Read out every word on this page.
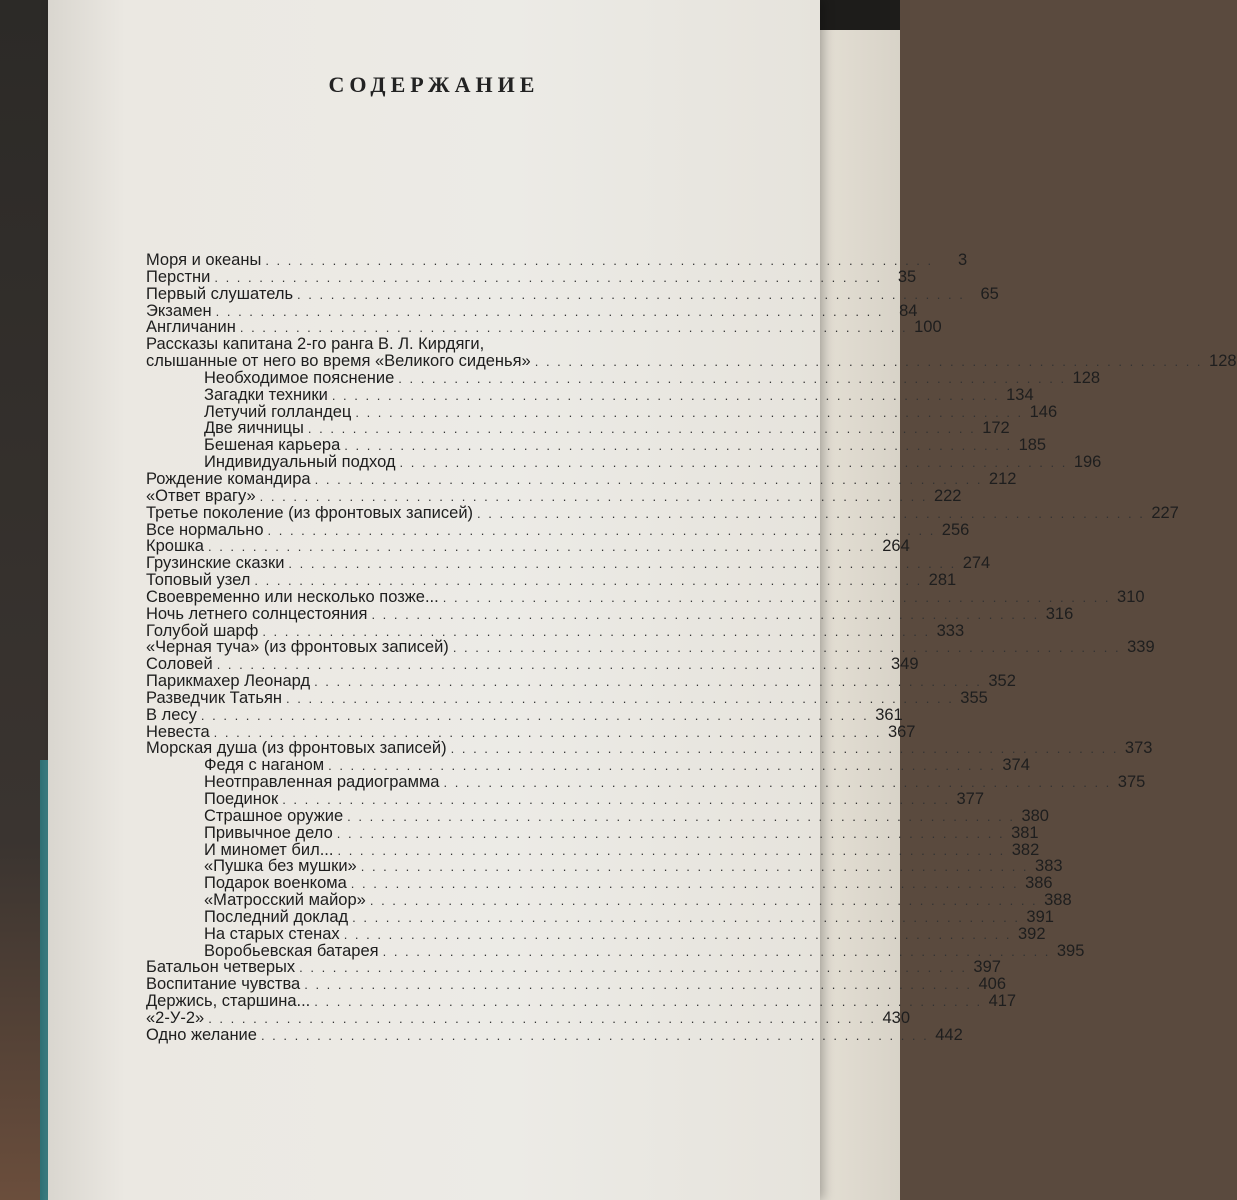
СОДЕРЖАНИЕ
Моря и океаны . . . . . . . . . . . . . . . . . . . . . . . . . . . . . . . . . . . . . . . . . . . . . . . . . . . . . . . . . . . .	3
Перстни . . . . . . . . . . . . . . . . . . . . . . . . . . . . . . . . . . . . . . . . . . . . . . . . . . . . . . . . . . . . 35
Первый слушатель . . . . . . . . . . . . . . . . . . . . . . . . . . . . . . . . . . . . . . . . . . . . . . . . . . . . . . . . . . . . 65
Экзамен . . . . . . . . . . . . . . . . . . . . . . . . . . . . . . . . . . . . . . . . . . . . . . . . . . . . . . . . . . . . 84
Англичанин . . . . . . . . . . . . . . . . . . . . . . . . . . . . . . . . . . . . . . . . . . . . . . . . . . . . . . . . . . . . 100
Рассказы капитана 2-го ранга В. Л. Кирдяги,
слышанные от него во время «Великого сиденья» . . . . . . . . . . . . . . . . . . . . . . . . . . . . . . . . . . . . . . . . . . . . . . . . . . . . . . . . . . . . 128
Необходимое пояснение . . . . . . . . . . . . . . . . . . . . . . . . . . . . . . . . . . . . . . . . . . . . . . . . . . . . . . . . . . . . 128
Загадки техники . . . . . . . . . . . . . . . . . . . . . . . . . . . . . . . . . . . . . . . . . . . . . . . . . . . . . . . . . . . . 134
Летучий голландец . . . . . . . . . . . . . . . . . . . . . . . . . . . . . . . . . . . . . . . . . . . . . . . . . . . . . . . . . . . . 146
Две яичницы . . . . . . . . . . . . . . . . . . . . . . . . . . . . . . . . . . . . . . . . . . . . . . . . . . . . . . . . . . . . 172
Бешеная карьера . . . . . . . . . . . . . . . . . . . . . . . . . . . . . . . . . . . . . . . . . . . . . . . . . . . . . . . . . . . . 185
Индивидуальный подход . . . . . . . . . . . . . . . . . . . . . . . . . . . . . . . . . . . . . . . . . . . . . . . . . . . . . . . . . . . . 196
Рождение командира . . . . . . . . . . . . . . . . . . . . . . . . . . . . . . . . . . . . . . . . . . . . . . . . . . . . . . . . . . . . 212
«Ответ врагу» . . . . . . . . . . . . . . . . . . . . . . . . . . . . . . . . . . . . . . . . . . . . . . . . . . . . . . . . . . . . 222
Третье поколение (из фронтовых записей) . . . . . . . . . . . . . . . . . . . . . . . . . . . . . . . . . . . . . . . . . . . . . . . . . . . . . . . . . . . . 227
Все нормально . . . . . . . . . . . . . . . . . . . . . . . . . . . . . . . . . . . . . . . . . . . . . . . . . . . . . . . . . . . . 256
Крошка . . . . . . . . . . . . . . . . . . . . . . . . . . . . . . . . . . . . . . . . . . . . . . . . . . . . . . . . . . . . 264
Грузинские сказки . . . . . . . . . . . . . . . . . . . . . . . . . . . . . . . . . . . . . . . . . . . . . . . . . . . . . . . . . . . . 274
Топовый узел . . . . . . . . . . . . . . . . . . . . . . . . . . . . . . . . . . . . . . . . . . . . . . . . . . . . . . . . . . . . 281
Своевременно или несколько позже... . . . . . . . . . . . . . . . . . . . . . . . . . . . . . . . . . . . . . . . . . . . . . . . . . . . . . . . . . . . . 310
Ночь летнего солнцестояния . . . . . . . . . . . . . . . . . . . . . . . . . . . . . . . . . . . . . . . . . . . . . . . . . . . . . . . . . . . . 316
Голубой шарф . . . . . . . . . . . . . . . . . . . . . . . . . . . . . . . . . . . . . . . . . . . . . . . . . . . . . . . . . . . . 333
«Черная туча» (из фронтовых записей) . . . . . . . . . . . . . . . . . . . . . . . . . . . . . . . . . . . . . . . . . . . . . . . . . . . . . . . . . . . . 339
Соловей . . . . . . . . . . . . . . . . . . . . . . . . . . . . . . . . . . . . . . . . . . . . . . . . . . . . . . . . . . . . 349
Парикмахер Леонард . . . . . . . . . . . . . . . . . . . . . . . . . . . . . . . . . . . . . . . . . . . . . . . . . . . . . . . . . . . . 352
Разведчик Татьян . . . . . . . . . . . . . . . . . . . . . . . . . . . . . . . . . . . . . . . . . . . . . . . . . . . . . . . . . . . . 355
В лесу . . . . . . . . . . . . . . . . . . . . . . . . . . . . . . . . . . . . . . . . . . . . . . . . . . . . . . . . . . . . 361
Невеста . . . . . . . . . . . . . . . . . . . . . . . . . . . . . . . . . . . . . . . . . . . . . . . . . . . . . . . . . . . . 367
Морская душа (из фронтовых записей) . . . . . . . . . . . . . . . . . . . . . . . . . . . . . . . . . . . . . . . . . . . . . . . . . . . . . . . . . . . . 373
Федя с наганом . . . . . . . . . . . . . . . . . . . . . . . . . . . . . . . . . . . . . . . . . . . . . . . . . . . . . . . . . . . . 374
Неотправленная радиограмма . . . . . . . . . . . . . . . . . . . . . . . . . . . . . . . . . . . . . . . . . . . . . . . . . . . . . . . . . . . . 375
Поединок . . . . . . . . . . . . . . . . . . . . . . . . . . . . . . . . . . . . . . . . . . . . . . . . . . . . . . . . . . . . 377
Страшное оружие . . . . . . . . . . . . . . . . . . . . . . . . . . . . . . . . . . . . . . . . . . . . . . . . . . . . . . . . . . . . 380
Привычное дело . . . . . . . . . . . . . . . . . . . . . . . . . . . . . . . . . . . . . . . . . . . . . . . . . . . . . . . . . . . . 381
И миномет бил... . . . . . . . . . . . . . . . . . . . . . . . . . . . . . . . . . . . . . . . . . . . . . . . . . . . . . . . . . . . . 382
«Пушка без мушки» . . . . . . . . . . . . . . . . . . . . . . . . . . . . . . . . . . . . . . . . . . . . . . . . . . . . . . . . . . . . 383
Подарок военкома . . . . . . . . . . . . . . . . . . . . . . . . . . . . . . . . . . . . . . . . . . . . . . . . . . . . . . . . . . . . 386
«Матросский майор» . . . . . . . . . . . . . . . . . . . . . . . . . . . . . . . . . . . . . . . . . . . . . . . . . . . . . . . . . . . . 388
Последний доклад . . . . . . . . . . . . . . . . . . . . . . . . . . . . . . . . . . . . . . . . . . . . . . . . . . . . . . . . . . . . 391
На старых стенах . . . . . . . . . . . . . . . . . . . . . . . . . . . . . . . . . . . . . . . . . . . . . . . . . . . . . . . . . . . . 392
Воробьевская батарея . . . . . . . . . . . . . . . . . . . . . . . . . . . . . . . . . . . . . . . . . . . . . . . . . . . . . . . . . . . . 395
Батальон четверых . . . . . . . . . . . . . . . . . . . . . . . . . . . . . . . . . . . . . . . . . . . . . . . . . . . . . . . . . . . . 397
Воспитание чувства . . . . . . . . . . . . . . . . . . . . . . . . . . . . . . . . . . . . . . . . . . . . . . . . . . . . . . . . . . . . 406
Держись, старшина... . . . . . . . . . . . . . . . . . . . . . . . . . . . . . . . . . . . . . . . . . . . . . . . . . . . . . . . . . . . . 417
«2-У-2» . . . . . . . . . . . . . . . . . . . . . . . . . . . . . . . . . . . . . . . . . . . . . . . . . . . . . . . . . . . . 430
Одно желание . . . . . . . . . . . . . . . . . . . . . . . . . . . . . . . . . . . . . . . . . . . . . . . . . . . . . . . . . . . . 442
